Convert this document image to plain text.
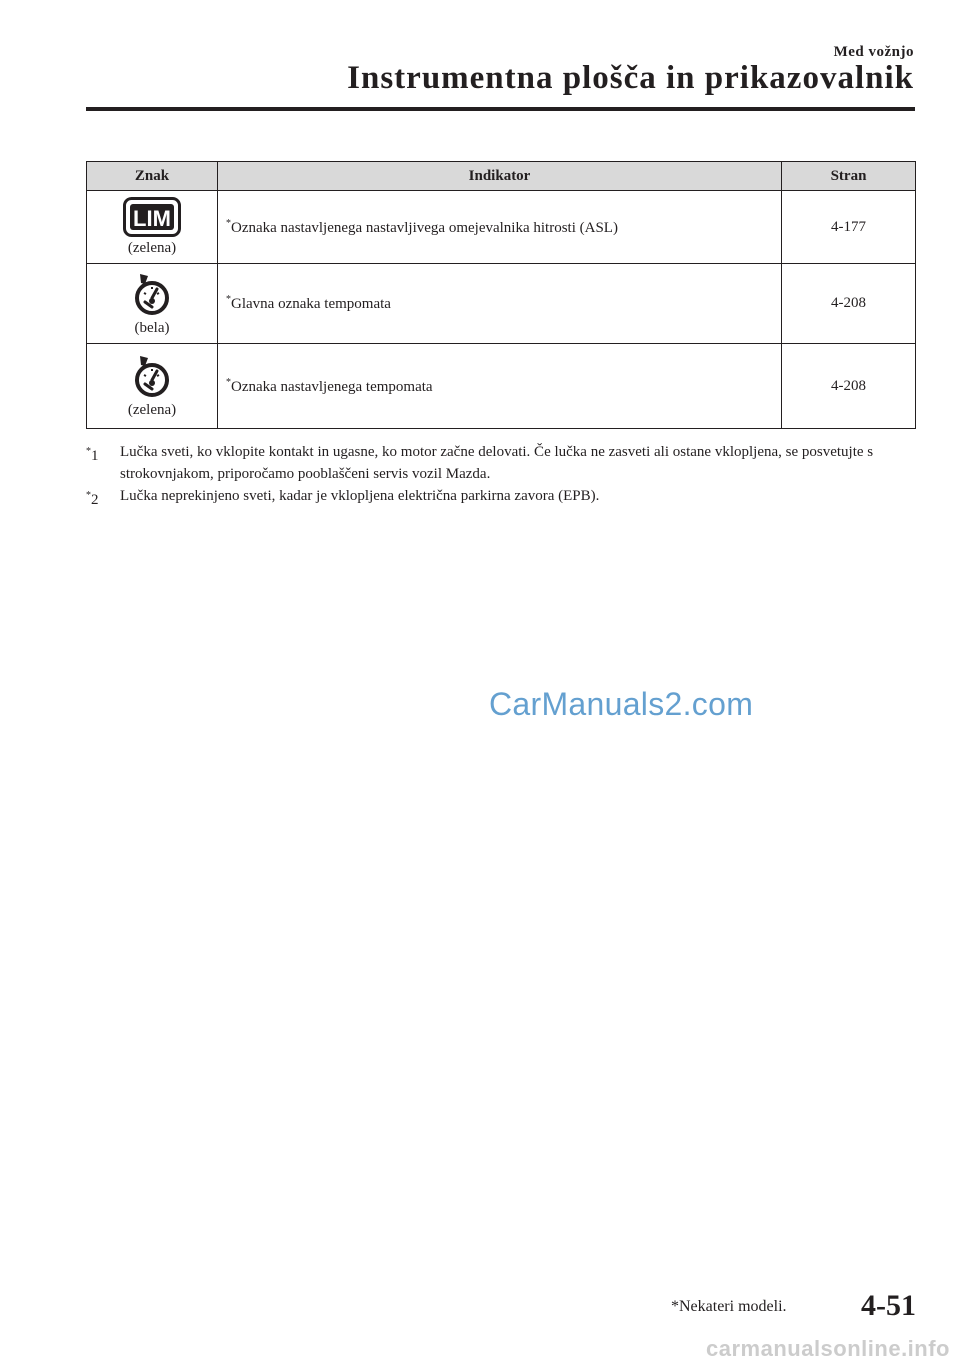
Med vožnjo
Instrumentna plošča in prikazovalnik
Znak	Indikator	Stran

LIM
(zelena)	*Oznaka nastavljenega nastavljivega omejevalnika hitrosti (ASL)	4-177

(bela)	*Glavna oznaka tempomata	4-208

(zelena)	*Oznaka nastavljenega tempomata	4-208
*1 Lučka sveti, ko vklopite kontakt in ugasne, ko motor začne delovati. Če lučka ne zasveti ali ostane vklopljena, se posvetujte s strokovnjakom, priporočamo pooblaščeni servis vozil Mazda.
*2 Lučka neprekinjeno sveti, kadar je vklopljena električna parkirna zavora (EPB).
CarManuals2.com
*Nekateri modeli. 4-51
carmanualsonline.info
